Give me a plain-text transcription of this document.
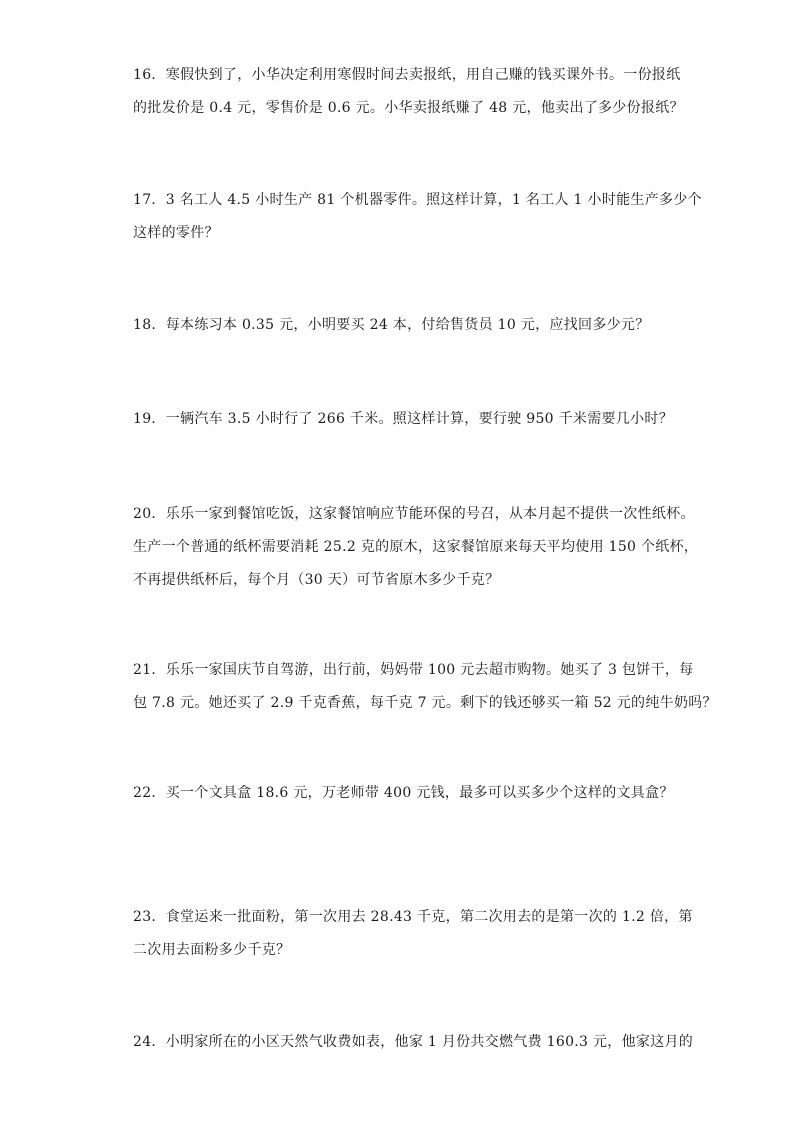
16．寒假快到了，小华决定利用寒假时间去卖报纸，用自己赚的钱买课外书。一份报纸

的批发价是 0.4 元，零售价是 0.6 元。小华卖报纸赚了 48 元，他卖出了多少份报纸？

17．3 名工人 4.5 小时生产 81 个机器零件。照这样计算，1 名工人 1 小时能生产多少个

这样的零件？

18．每本练习本 0.35 元，小明要买 24 本，付给售货员 10 元，应找回多少元？

19．一辆汽车 3.5 小时行了 266 千米。照这样计算，要行驶 950 千米需要几小时？

20．乐乐一家到餐馆吃饭，这家餐馆响应节能环保的号召，从本月起不提供一次性纸杯。

生产一个普通的纸杯需要消耗 25.2 克的原木，这家餐馆原来每天平均使用 150 个纸杯，

不再提供纸杯后，每个月（30 天）可节省原木多少千克？

21．乐乐一家国庆节自驾游，出行前，妈妈带 100 元去超市购物。她买了 3 包饼干，每

包 7.8 元。她还买了 2.9 千克香蕉，每千克 7 元。剩下的钱还够买一箱 52 元的纯牛奶吗？

22．买一个文具盒 18.6 元，万老师带 400 元钱，最多可以买多少个这样的文具盒？

23．食堂运来一批面粉，第一次用去 28.43 千克，第二次用去的是第一次的 1.2 倍，第

二次用去面粉多少千克？

24．小明家所在的小区天然气收费如表，他家 1 月份共交燃气费 160.3 元，他家这月的
